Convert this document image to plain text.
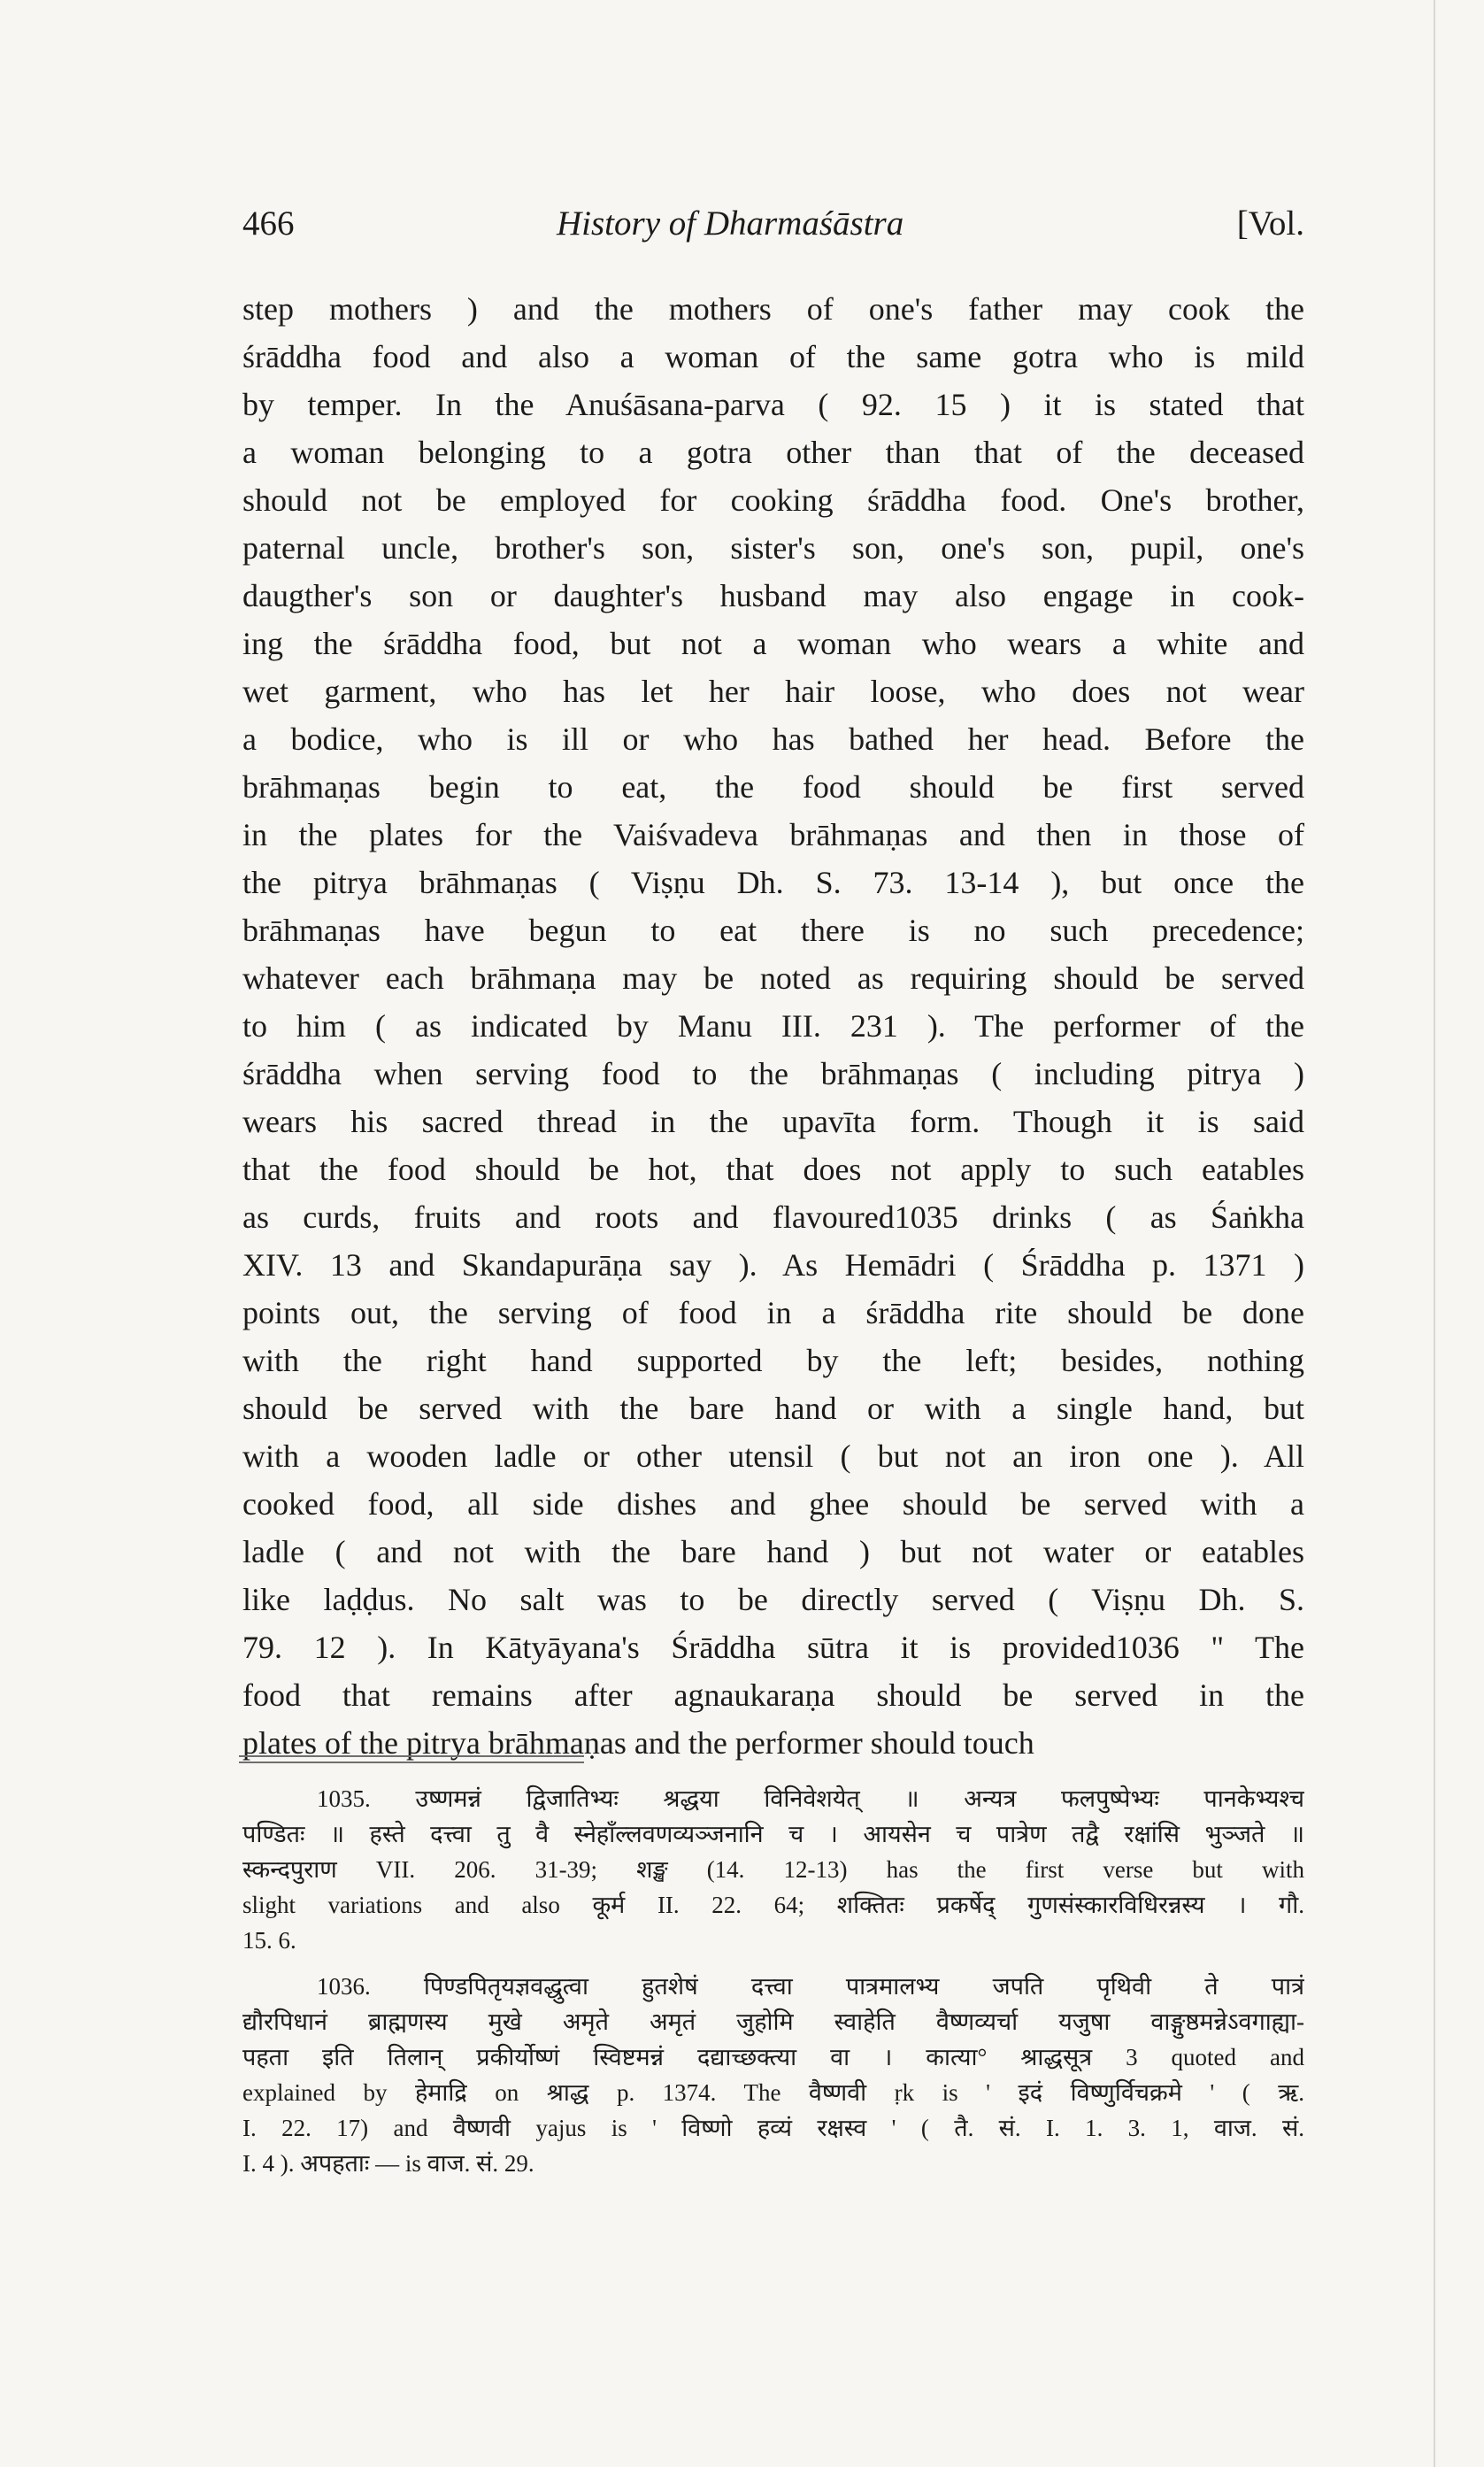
466	History of Dharmaśāstra	[Vol.
step mothers ) and the mothers of one's father may cook the
śrāddha food and also a woman of the same gotra who is mild
by temper. In the Anuśāsana-parva ( 92. 15 ) it is stated that
a woman belonging to a gotra other than that of the deceased
should not be employed for cooking śrāddha food. One's brother,
paternal uncle, brother's son, sister's son, one's son, pupil, one's
daugther's son or daughter's husband may also engage in cook-
ing the śrāddha food, but not a woman who wears a white and
wet garment, who has let her hair loose, who does not wear
a bodice, who is ill or who has bathed her head. Before the
brāhmaṇas begin to eat, the food should be first served
in the plates for the Vaiśvadeva brāhmaṇas and then in those of
the pitrya brāhmaṇas ( Viṣṇu Dh. S. 73. 13-14 ), but once the
brāhmaṇas have begun to eat there is no such precedence;
whatever each brāhmaṇa may be noted as requiring should be served
to him ( as indicated by Manu III. 231 ). The performer of the
śrāddha when serving food to the brāhmaṇas ( including pitrya )
wears his sacred thread in the upavīta form. Though it is said
that the food should be hot, that does not apply to such eatables
as curds, fruits and roots and flavoured1035 drinks ( as Śaṅkha
XIV. 13 and Skandapurāṇa say ). As Hemādri ( Śrāddha p. 1371 )
points out, the serving of food in a śrāddha rite should be done
with the right hand supported by the left; besides, nothing
should be served with the bare hand or with a single hand, but
with a wooden ladle or other utensil ( but not an iron one ). All
cooked food, all side dishes and ghee should be served with a
ladle ( and not with the bare hand ) but not water or eatables
like laḍḍus. No salt was to be directly served ( Viṣṇu Dh. S.
79. 12 ). In Kātyāyana's Śrāddha sūtra it is provided1036 " The
food that remains after agnaukaraṇa should be served in the
plates of the pitrya brāhmaṇas and the performer should touch
1035. उष्णमन्नं द्विजातिभ्यः श्रद्धया विनिवेशयेत् ॥ अन्यत्र फलपुष्पेभ्यः पानकेभ्यश्च
पण्डितः ॥ हस्ते दत्त्वा तु वै स्नेहाँल्लवणव्यञ्जनानि च । आयसेन च पात्रेण तद्वै रक्षांसि भुञ्जते ॥
स्कन्दपुराण VII. 206. 31-39; शङ्ख (14. 12-13) has the first verse but with
slight variations and also कूर्म II. 22. 64; शक्तितः प्रकर्षेद् गुणसंस्कारविधिरन्नस्य । गौ.
15. 6.
1036. पिण्डपितृयज्ञवद्धुत्वा हुतशेषं दत्त्वा पात्रमालभ्य जपति पृथिवी ते पात्रं
द्यौरपिधानं ब्राह्मणस्य मुखे अमृते अमृतं जुहोमि स्वाहेति वैष्णव्यर्चा यजुषा वाङ्गुष्ठमन्नेऽवगाह्या-
पहता इति तिलान् प्रकीर्योष्णं स्विष्टमन्नं दद्याच्छक्त्या वा । कात्या° श्राद्धसूत्र 3 quoted and
explained by हेमाद्रि on श्राद्ध p. 1374. The वैष्णवी ṛk is ' इदं विष्णुर्विचक्रमे ' ( ऋ.
I. 22. 17) and वैष्णवी yajus is ' विष्णो हव्यं रक्षस्व ' ( तै. सं. I. 1. 3. 1, वाज. सं.
I. 4 ). अपहताः — is वाज. सं. 29.
